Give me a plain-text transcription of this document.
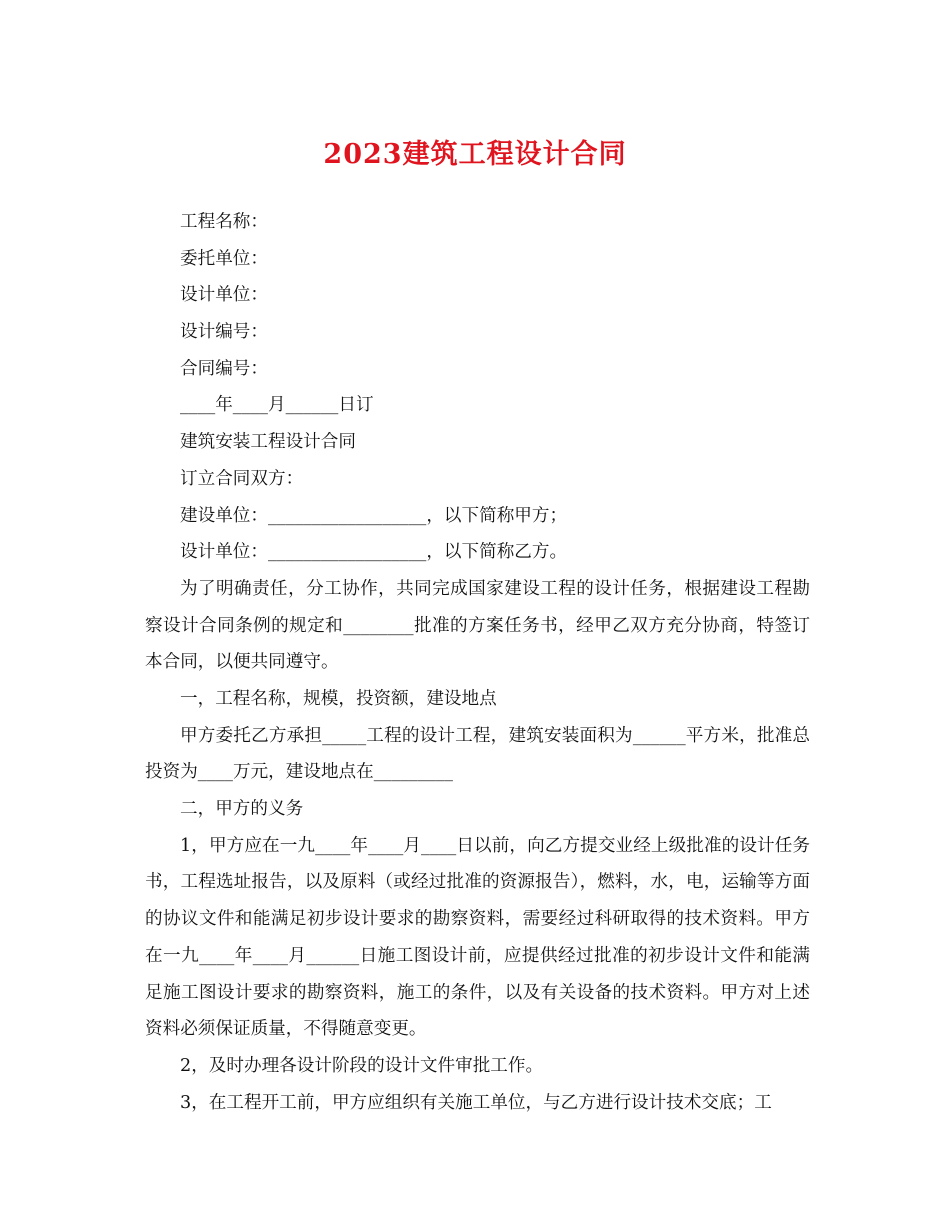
2023建筑工程设计合同
工程名称：
委托单位：
设计单位：
设计编号：
合同编号：
____年____月______日订
建筑安装工程设计合同
订立合同双方：
建设单位：__________________，以下简称甲方；
设计单位：__________________，以下简称乙方。
为了明确责任，分工协作，共同完成国家建设工程的设计任务，根据建设工程勘察设计合同条例的规定和________批准的方案任务书，经甲乙双方充分协商，特签订本合同，以便共同遵守。
一，工程名称，规模，投资额，建设地点
甲方委托乙方承担_____工程的设计工程，建筑安装面积为______平方米，批准总投资为____万元，建设地点在_________
二，甲方的义务
1，甲方应在一九____年____月____日以前，向乙方提交业经上级批准的设计任务书，工程选址报告，以及原料（或经过批准的资源报告），燃料，水，电，运输等方面的协议文件和能满足初步设计要求的勘察资料，需要经过科研取得的技术资料。甲方在一九____年____月______日施工图设计前，应提供经过批准的初步设计文件和能满足施工图设计要求的勘察资料，施工的条件，以及有关设备的技术资料。甲方对上述资料必须保证质量，不得随意变更。
2，及时办理各设计阶段的设计文件审批工作。
3，在工程开工前，甲方应组织有关施工单位，与乙方进行设计技术交底；工
